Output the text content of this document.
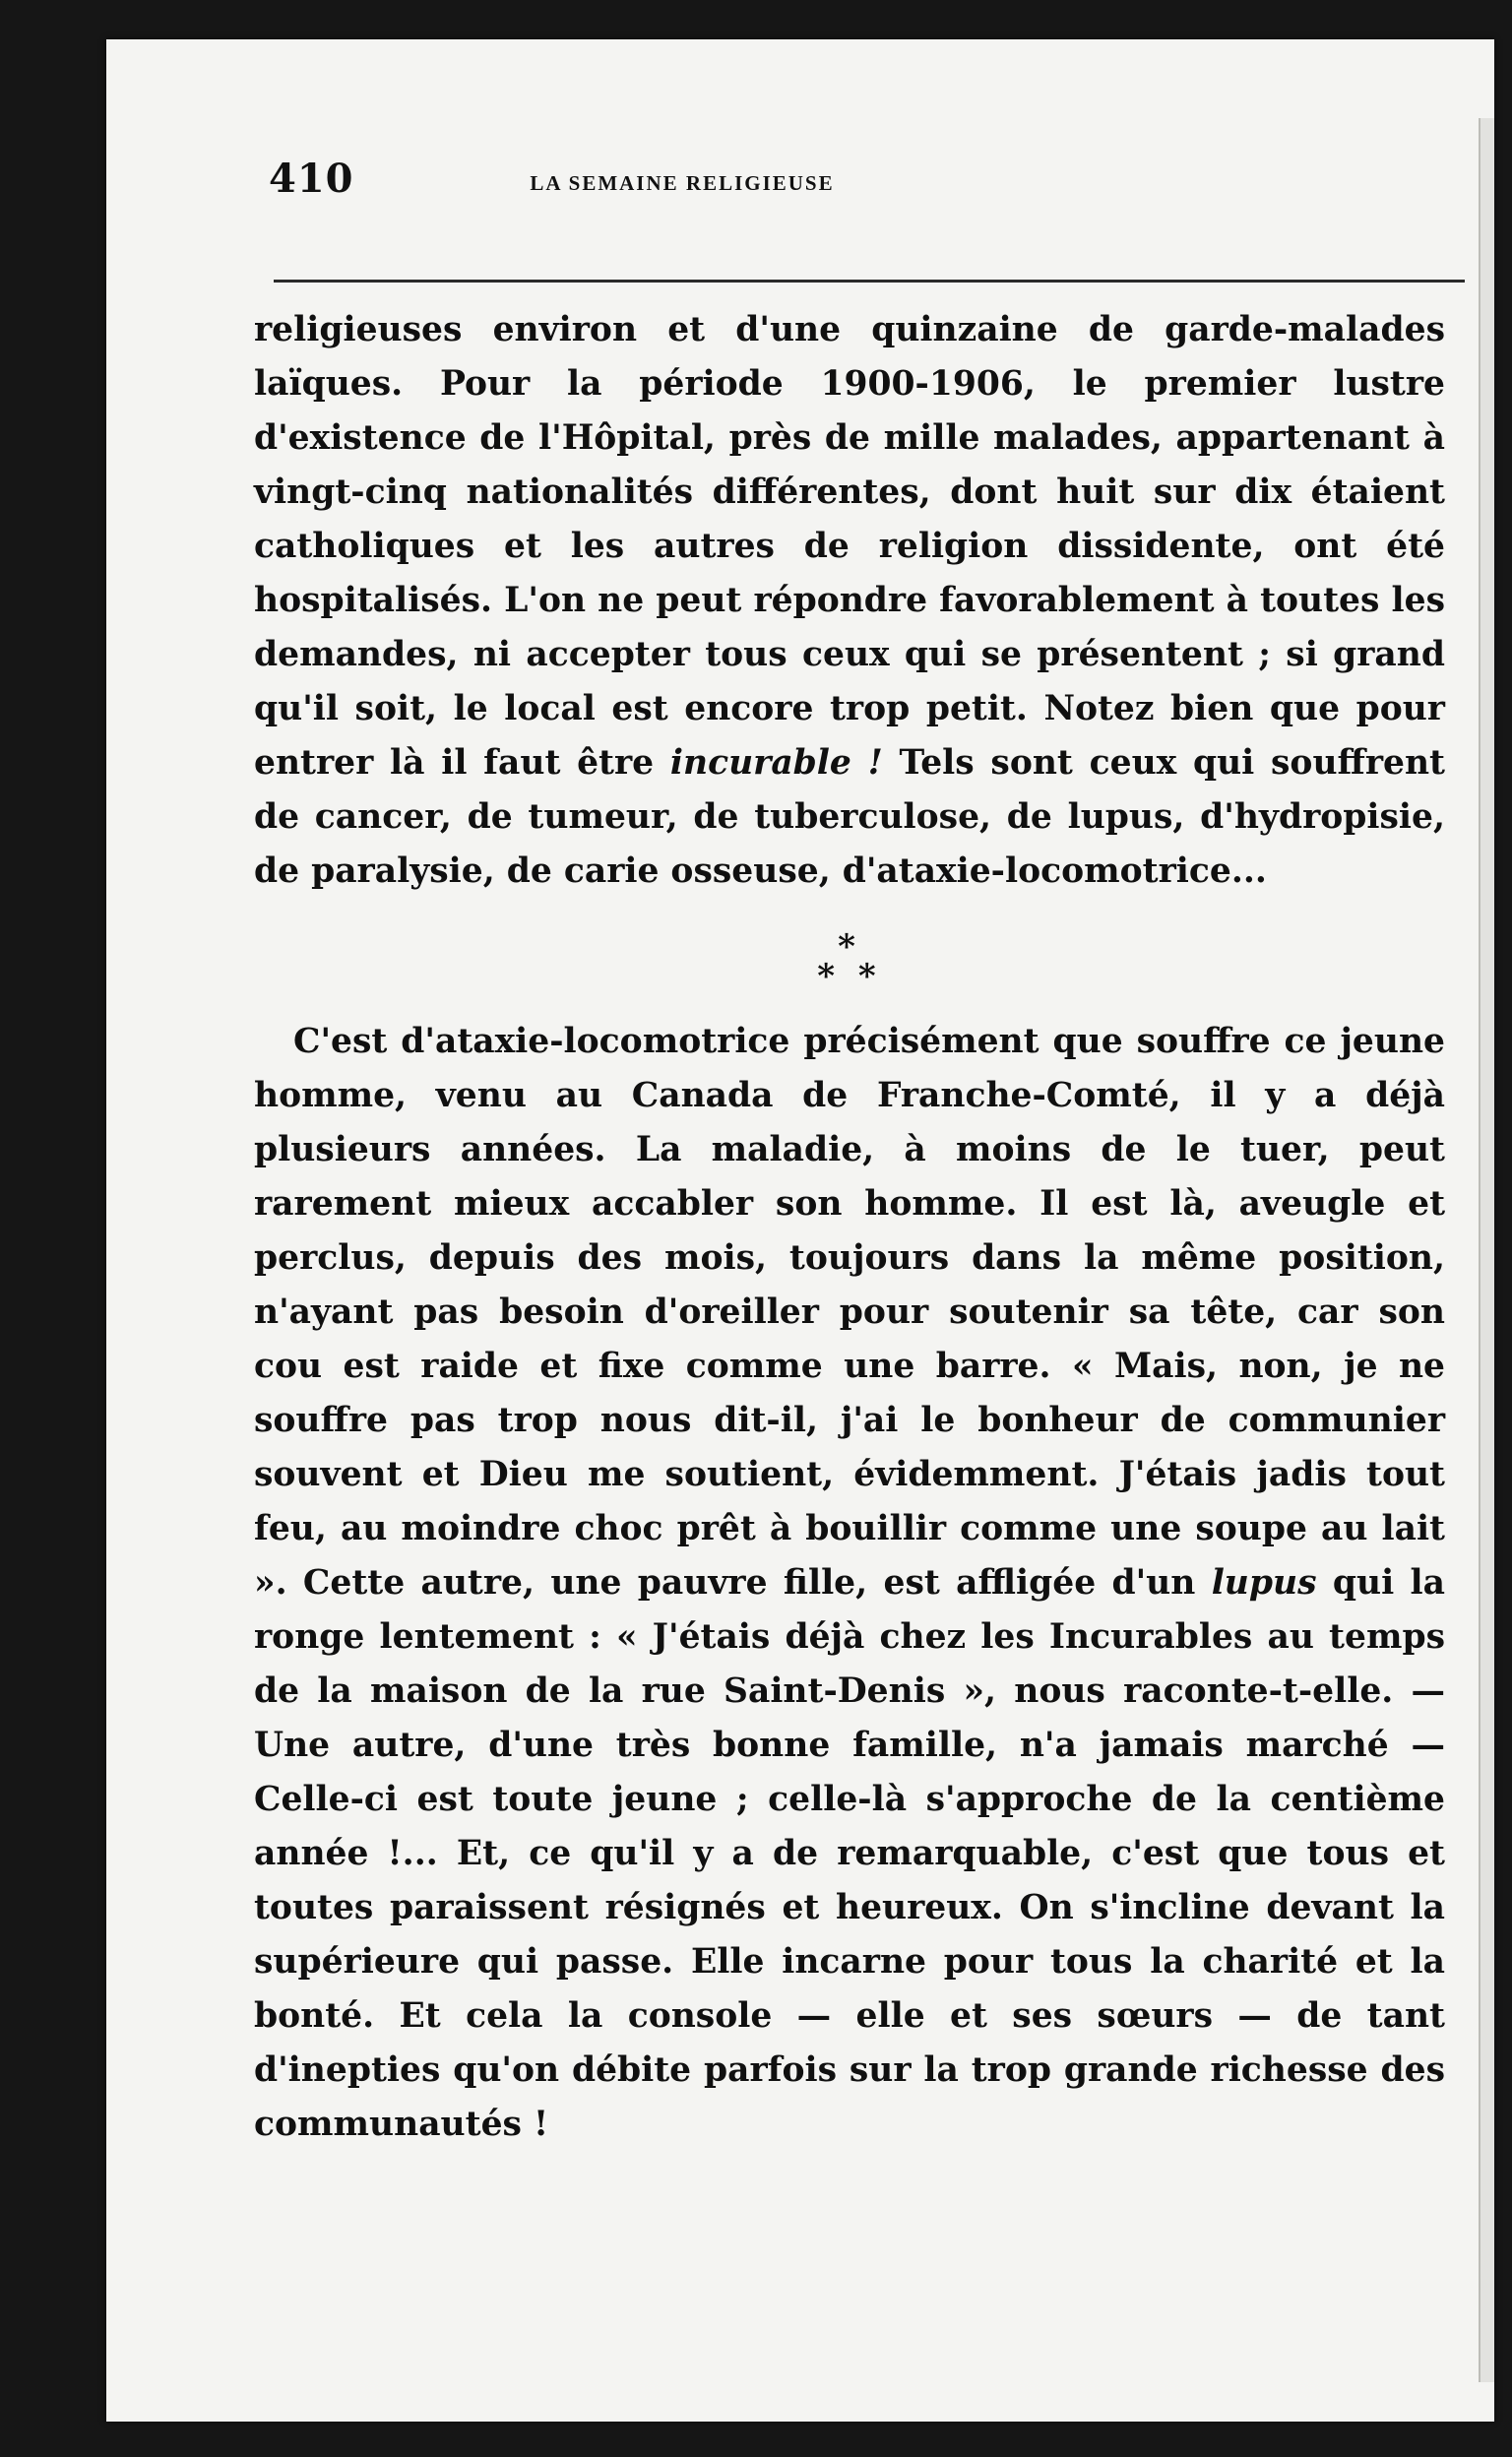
410	LA SEMAINE RELIGIEUSE

religieuses environ et d'une quinzaine de garde-malades laïques. Pour la période 1900-1906, le premier lustre d'existence de l'Hôpital, près de mille malades, appartenant à vingt-cinq nationalités différentes, dont huit sur dix étaient catholiques et les autres de religion dissidente, ont été hospitalisés. L'on ne peut répondre favorablement à toutes les demandes, ni accepter tous ceux qui se présentent ; si grand qu'il soit, le local est encore trop petit. Notez bien que pour entrer là il faut être incurable ! Tels sont ceux qui souffrent de cancer, de tumeur, de tuberculose, de lupus, d'hydropisie, de paralysie, de carie osseuse, d'ataxie-locomotrice...

*
* *

C'est d'ataxie-locomotrice précisément que souffre ce jeune homme, venu au Canada de Franche-Comté, il y a déjà plusieurs années. La maladie, à moins de le tuer, peut rarement mieux accabler son homme. Il est là, aveugle et perclus, depuis des mois, toujours dans la même position, n'ayant pas besoin d'oreiller pour soutenir sa tête, car son cou est raide et fixe comme une barre. « Mais, non, je ne souffre pas trop nous dit-il, j'ai le bonheur de communier souvent et Dieu me soutient, évidemment. J'étais jadis tout feu, au moindre choc prêt à bouillir comme une soupe au lait ». Cette autre, une pauvre fille, est affligée d'un lupus qui la ronge lentement : « J'étais déjà chez les Incurables au temps de la maison de la rue Saint-Denis », nous raconte-t-elle. — Une autre, d'une très bonne famille, n'a jamais marché — Celle-ci est toute jeune ; celle-là s'approche de la centième année !... Et, ce qu'il y a de remarquable, c'est que tous et toutes paraissent résignés et heureux. On s'incline devant la supérieure qui passe. Elle incarne pour tous la charité et la bonté. Et cela la console — elle et ses sœurs — de tant d'inepties qu'on débite parfois sur la trop grande richesse des communautés !
